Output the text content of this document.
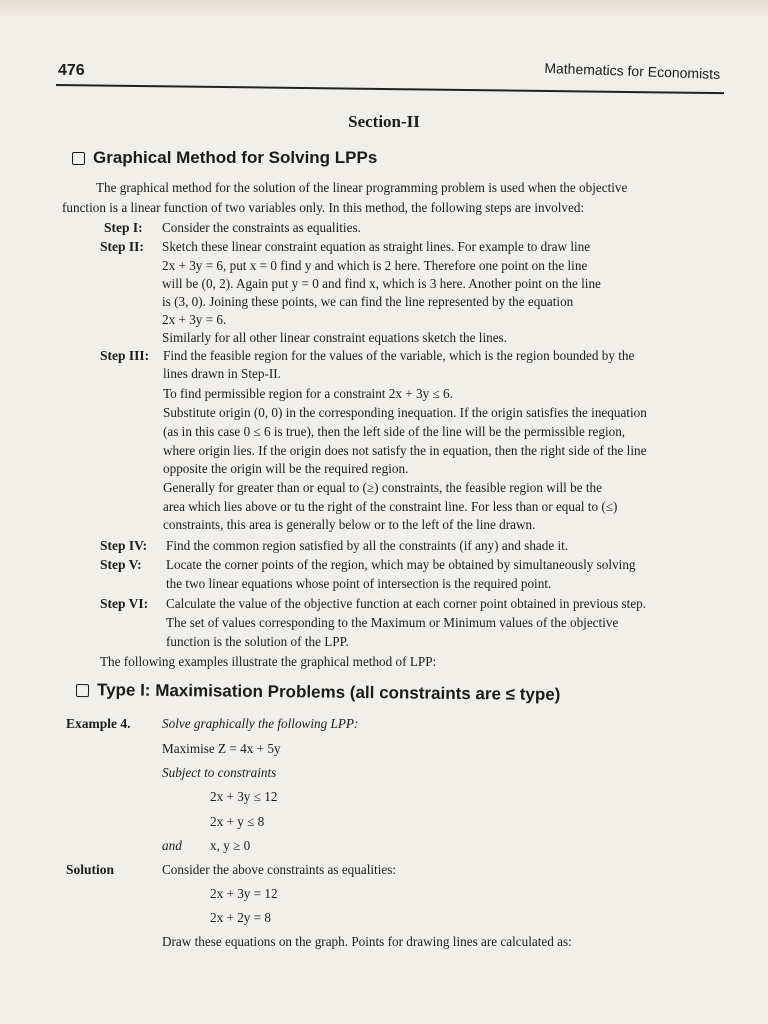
476	Mathematics for Economists
Section-II
Graphical Method for Solving LPPs
The graphical method for the solution of the linear programming problem is used when the objective
function is a linear function of two variables only. In this method, the following steps are involved:
Step I: Consider the constraints as equalities.
Step II: Sketch these linear constraint equation as straight lines. For example to draw line
2x + 3y = 6, put x = 0 find y and which is 2 here. Therefore one point on the line
will be (0, 2). Again put y = 0 and find x, which is 3 here. Another point on the line
is (3, 0). Joining these points, we can find the line represented by the equation
2x + 3y = 6.
Similarly for all other linear constraint equations sketch the lines.
Step III: Find the feasible region for the values of the variable, which is the region bounded by the
lines drawn in Step-II.
To find permissible region for a constraint 2x + 3y ≤ 6.
Substitute origin (0, 0) in the corresponding inequation. If the origin satisfies the inequation
(as in this case 0 ≤ 6 is true), then the left side of the line will be the permissible region,
where origin lies. If the origin does not satisfy the in equation, then the right side of the line
opposite the origin will be the required region.
Generally for greater than or equal to (≥) constraints, the feasible region will be the
area which lies above or tu the right of the constraint line. For less than or equal to (≤)
constraints, this area is generally below or to the left of the line drawn.
Step IV: Find the common region satisfied by all the constraints (if any) and shade it.
Step V: Locate the corner points of the region, which may be obtained by simultaneously solving
the two linear equations whose point of intersection is the required point.
Step VI: Calculate the value of the objective function at each corner point obtained in previous step.
The set of values corresponding to the Maximum or Minimum values of the objective
function is the solution of the LPP.
The following examples illustrate the graphical method of LPP:
Type I: Maximisation Problems (all constraints are ≤ type)
Example 4. Solve graphically the following LPP:
Maximise Z = 4x + 5y
Subject to constraints
2x + 3y ≤ 12
2x + y ≤ 8
and x, y ≥ 0
Solution	Consider the above constraints as equalities:
2x + 3y = 12
2x + 2y = 8
Draw these equations on the graph. Points for drawing lines are calculated as:
